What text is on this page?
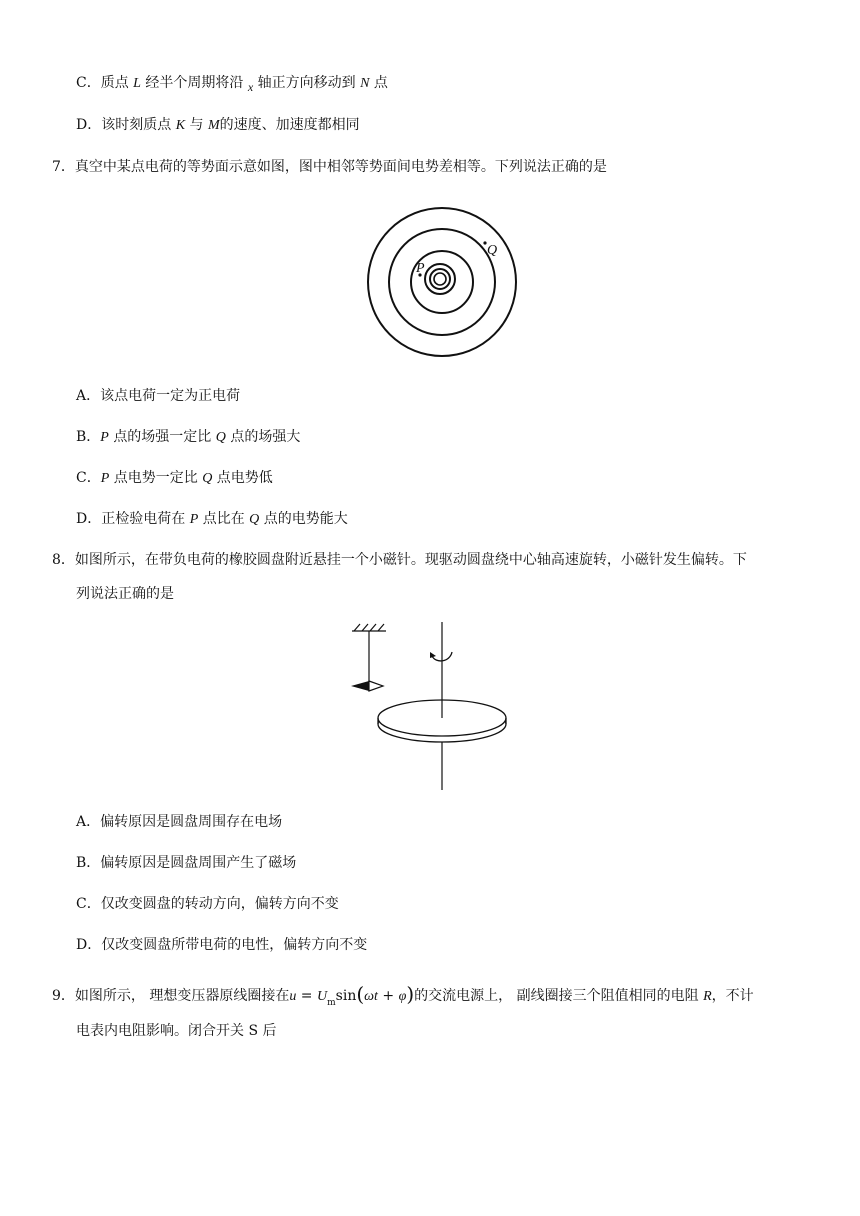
C．质点 L 经半个周期将沿 x 轴正方向移动到 N 点
D．该时刻质点 K 与 M的速度、加速度都相同
7．真空中某点电荷的等势面示意如图，图中相邻等势面间电势差相等。下列说法正确的是
P
Q
A．该点电荷一定为正电荷
B．P 点的场强一定比 Q 点的场强大
C．P 点电势一定比 Q 点电势低
D．正检验电荷在 P 点比在 Q 点的电势能大
8．如图所示，在带负电荷的橡胶圆盘附近悬挂一个小磁针。现驱动圆盘绕中心轴高速旋转，小磁针发生偏转。下
列说法正确的是
A．偏转原因是圆盘周围存在电场
B．偏转原因是圆盘周围产生了磁场
C．仅改变圆盘的转动方向，偏转方向不变
D．仅改变圆盘所带电荷的电性，偏转方向不变
9．如图所示， 理想变压器原线圈接在$u = U_m\sin(\omega t + \varphi)$的交流电源上， 副线圈接三个阻值相同的电阻 R，不计
电表内电阻影响。闭合开关 S 后
